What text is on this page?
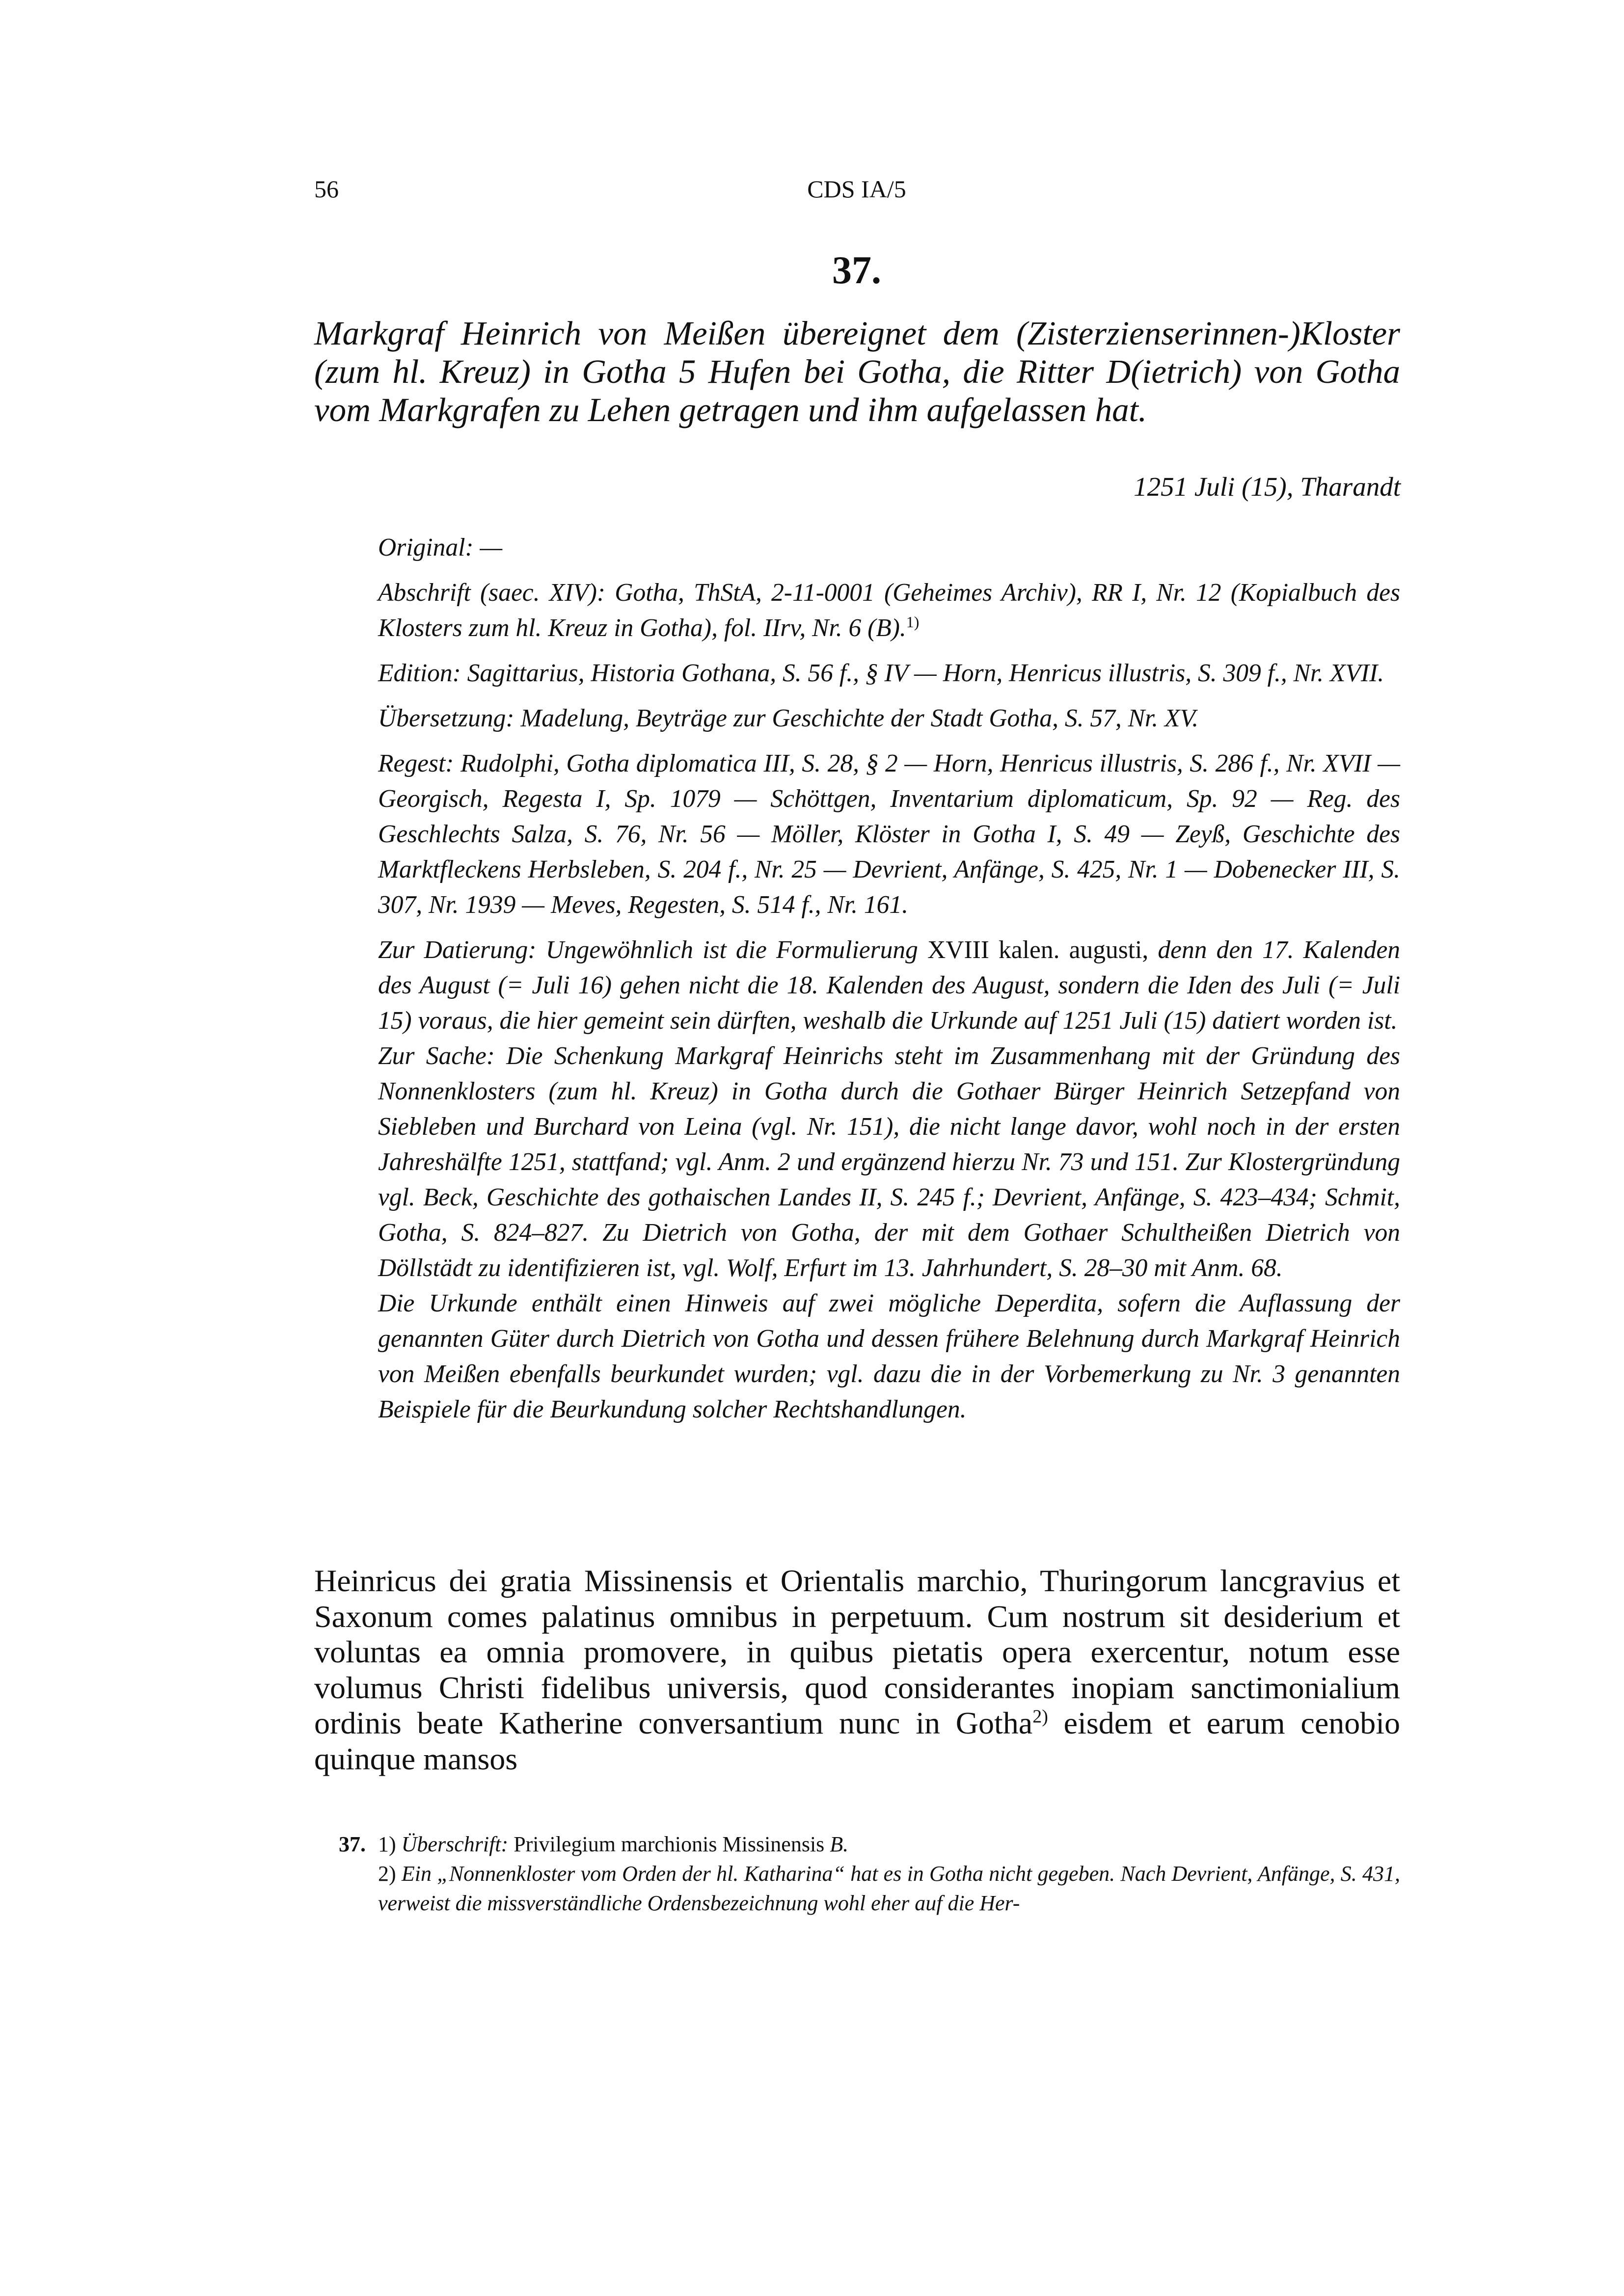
56	CDS IA/5
37.

Markgraf Heinrich von Meißen übereignet dem (Zisterzienserinnen-)Kloster (zum hl. Kreuz) in Gotha 5 Hufen bei Gotha, die Ritter D(ietrich) von Gotha vom Markgrafen zu Lehen getragen und ihm aufgelassen hat.

1251 Juli (15), Tharandt

Original: —

Abschrift (saec. XIV): Gotha, ThStA, 2-11-0001 (Geheimes Archiv), RR I, Nr. 12 (Kopialbuch des Klosters zum hl. Kreuz in Gotha), fol. IIrv, Nr. 6 (B).$^{1)}$

Edition: Sagittarius, Historia Gothana, S. 56 f., § IV — Horn, Henricus illustris, S. 309 f., Nr. XVII.

Übersetzung: Madelung, Beyträge zur Geschichte der Stadt Gotha, S. 57, Nr. XV.

Regest: Rudolphi, Gotha diplomatica III, S. 28, § 2 — Horn, Henricus illustris, S. 286 f., Nr. XVII — Georgisch, Regesta I, Sp. 1079 — Schöttgen, Inventarium diplomaticum, Sp. 92 — Reg. des Geschlechts Salza, S. 76, Nr. 56 — Möller, Klöster in Gotha I, S. 49 — Zeyß, Geschichte des Marktfleckens Herbsleben, S. 204 f., Nr. 25 — Devrient, Anfänge, S. 425, Nr. 1 — Dobenecker III, S. 307, Nr. 1939 — Meves, Regesten, S. 514 f., Nr. 161.

Zur Datierung: Ungewöhnlich ist die Formulierung XVIII kalen. augusti, denn den 17. Kalenden des August (= Juli 16) gehen nicht die 18. Kalenden des August, sondern die Iden des Juli (= Juli 15) voraus, die hier gemeint sein dürften, weshalb die Urkunde auf 1251 Juli (15) datiert worden ist.

Zur Sache: Die Schenkung Markgraf Heinrichs steht im Zusammenhang mit der Gründung des Nonnenklosters (zum hl. Kreuz) in Gotha durch die Gothaer Bürger Heinrich Setzepfand von Siebleben und Burchard von Leina (vgl. Nr. 151), die nicht lange davor, wohl noch in der ersten Jahreshälfte 1251, stattfand; vgl. Anm. 2 und ergänzend hierzu Nr. 73 und 151. Zur Klostergründung vgl. Beck, Geschichte des gothaischen Landes II, S. 245 f.; Devrient, Anfänge, S. 423–434; Schmit, Gotha, S. 824–827. Zu Dietrich von Gotha, der mit dem Gothaer Schultheißen Dietrich von Döllstädt zu identifizieren ist, vgl. Wolf, Erfurt im 13. Jahrhundert, S. 28–30 mit Anm. 68.

Die Urkunde enthält einen Hinweis auf zwei mögliche Deperdita, sofern die Auflassung der genannten Güter durch Dietrich von Gotha und dessen frühere Belehnung durch Markgraf Heinrich von Meißen ebenfalls beurkundet wurden; vgl. dazu die in der Vorbemerkung zu Nr. 3 genannten Beispiele für die Beurkundung solcher Rechtshandlungen.

Heinricus dei gratia Missinensis et Orientalis marchio, Thuringorum lancgravius et Saxonum comes palatinus omnibus in perpetuum. Cum nostrum sit desiderium et voluntas ea omnia promovere, in quibus pietatis opera exercentur, notum esse volumus Christi fidelibus universis, quod considerantes inopiam sanctimonialium ordinis beate Katherine conversantium nunc in Gotha$^{2)}$ eisdem et earum cenobio quinque mansos

37. 1) Überschrift: Privilegium marchionis Missinensis B.
2) Ein „Nonnenkloster vom Orden der hl. Katharina“ hat es in Gotha nicht gegeben. Nach Devrient, Anfänge, S. 431, verweist die missverständliche Ordensbezeichnung wohl eher auf die Her-
